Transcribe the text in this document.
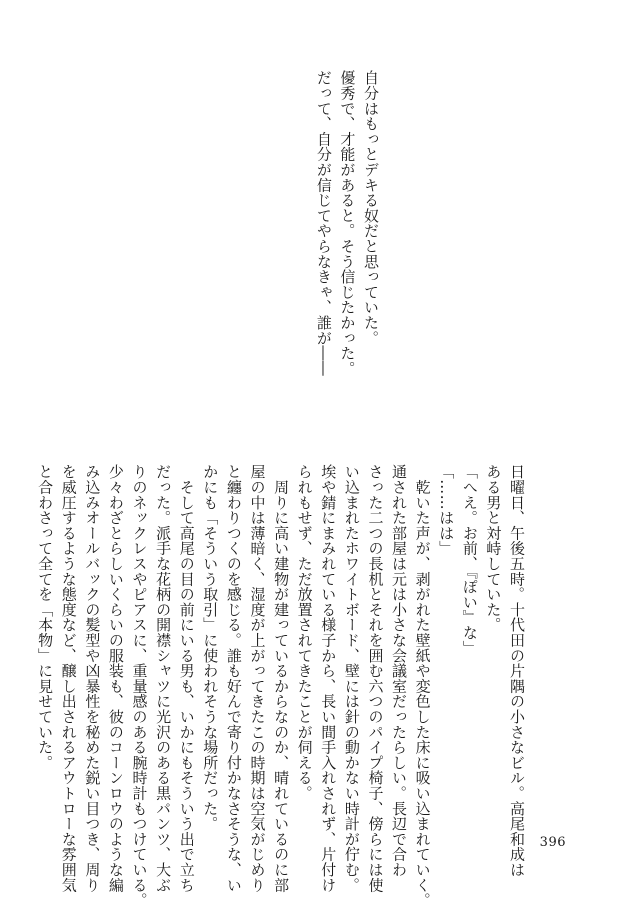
自分はもっとデキる奴だと思っていた。
優秀で、才能があると。そう信じたかった。
だって、自分が信じてやらなきゃ、誰が――
日曜日、午後五時。十代田の片隅の小さなビル。高尾和成は
ある男と対峙していた。
「へえ。お前、『ぽい』な」
「……はは」
　乾いた声が、剥がれた壁紙や変色した床に吸い込まれていく。
通された部屋は元は小さな会議室だったらしい。長辺で合わ
さった二つの長机とそれを囲む六つのパイプ椅子、傍らには使
い込まれたホワイトボード、壁には針の動かない時計が佇む。
埃や錆にまみれている様子から、長い間手入れされず、片付け
られもせず、ただ放置されてきたことが伺える。
　周りに高い建物が建っているからなのか、晴れているのに部
屋の中は薄暗く、湿度が上がってきたこの時期は空気がじめり
と纏わりつくのを感じる。誰も好んで寄り付かなさそうな、い
かにも「そういう取引」に使われそうな場所だった。
　そして高尾の目の前にいる男も、いかにもそういう出で立ち
だった。派手な花柄の開襟シャツに光沢のある黒パンツ、大ぶ
りのネックレスやピアスに、重量感のある腕時計もつけている。
少々わざとらしいくらいの服装も、彼のコーンロウのような編
み込みオールバックの髪型や凶暴性を秘めた鋭い目つき、周り
を威圧するような態度など、醸し出されるアウトローな雰囲気
と合わさって全てを「本物」に見せていた。
396
